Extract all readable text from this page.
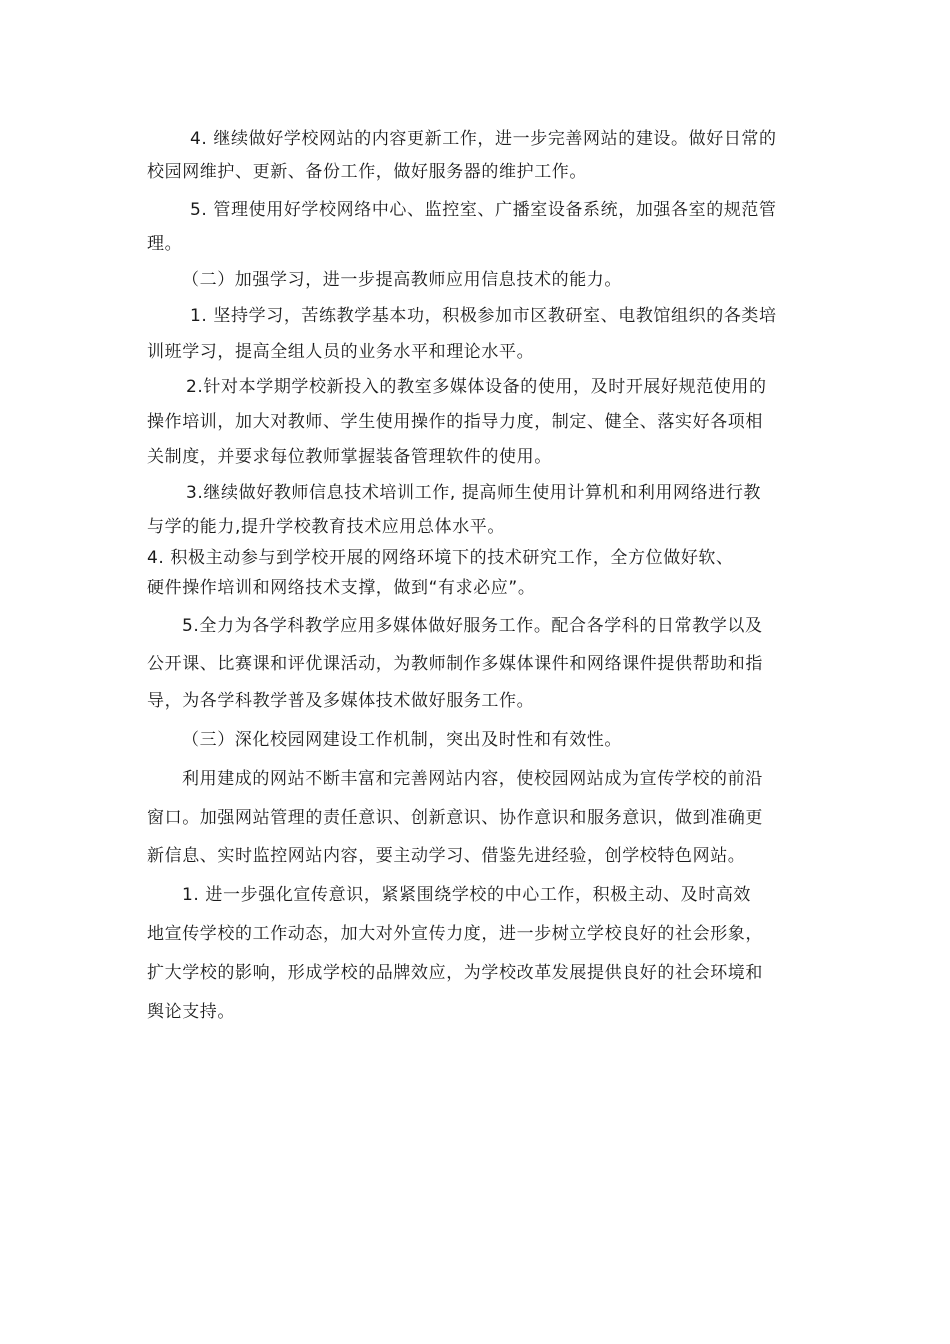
4. 继续做好学校网站的内容更新工作，进一步完善网站的建设。做好日常的
校园网维护、更新、备份工作，做好服务器的维护工作。
5. 管理使用好学校网络中心、监控室、广播室设备系统，加强各室的规范管
理。
（二）加强学习，进一步提高教师应用信息技术的能力。
1. 坚持学习，苦练教学基本功，积极参加市区教研室、电教馆组织的各类培
训班学习，提高全组人员的业务水平和理论水平。
2.针对本学期学校新投入的教室多媒体设备的使用，及时开展好规范使用的
操作培训，加大对教师、学生使用操作的指导力度，制定、健全、落实好各项相
关制度，并要求每位教师掌握装备管理软件的使用。
3.继续做好教师信息技术培训工作, 提高师生使用计算机和利用网络进行教
与学的能力,提升学校教育技术应用总体水平。
4. 积极主动参与到学校开展的网络环境下的技术研究工作，全方位做好软、
硬件操作培训和网络技术支撑，做到“有求必应”。
5.全力为各学科教学应用多媒体做好服务工作。配合各学科的日常教学以及
公开课、比赛课和评优课活动，为教师制作多媒体课件和网络课件提供帮助和指
导，为各学科教学普及多媒体技术做好服务工作。
（三）深化校园网建设工作机制，突出及时性和有效性。
利用建成的网站不断丰富和完善网站内容，使校园网站成为宣传学校的前沿
窗口。加强网站管理的责任意识、创新意识、协作意识和服务意识，做到准确更
新信息、实时监控网站内容，要主动学习、借鉴先进经验，创学校特色网站。
1. 进一步强化宣传意识，紧紧围绕学校的中心工作，积极主动、及时高效
地宣传学校的工作动态，加大对外宣传力度，进一步树立学校良好的社会形象，
扩大学校的影响，形成学校的品牌效应，为学校改革发展提供良好的社会环境和
舆论支持。
